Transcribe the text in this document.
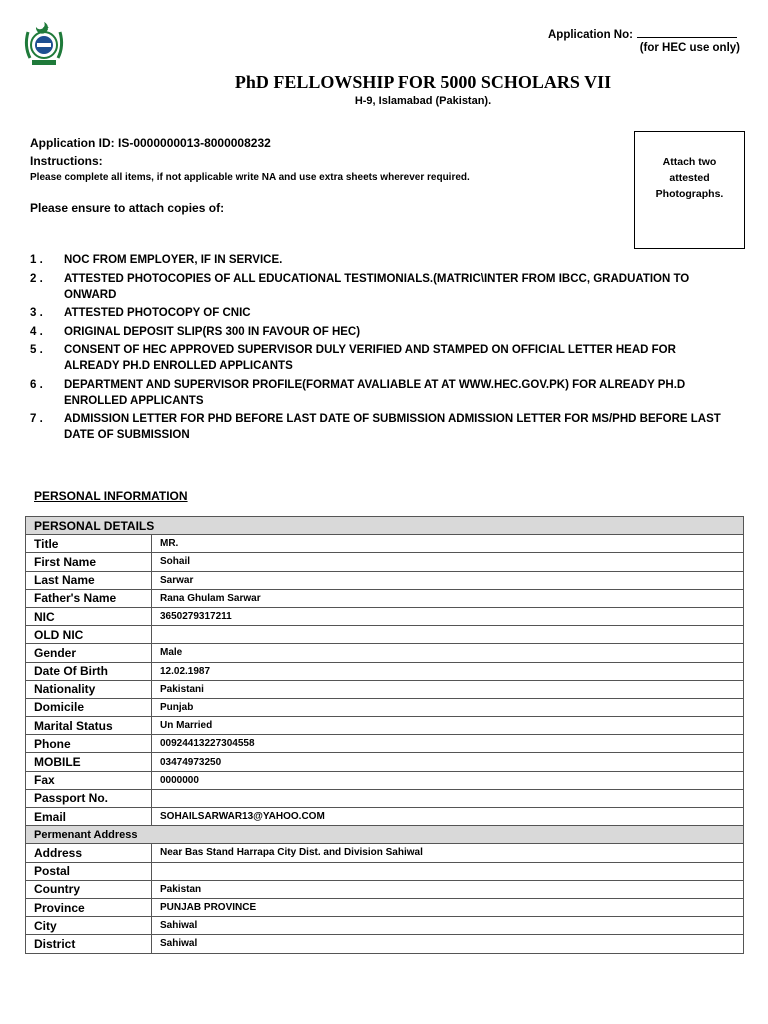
Application No:
(for HEC use only)
PhD FELLOWSHIP FOR 5000 SCHOLARS VII
H-9, Islamabad (Pakistan).
Application ID: IS-0000000013-8000008232
Instructions:
Please complete all items, if not applicable write NA and use extra sheets wherever required.
Please ensure to attach copies of:
Attach two
attested
Photographs.
1 .	NOC FROM EMPLOYER, IF IN SERVICE.
2 .	ATTESTED PHOTOCOPIES OF ALL EDUCATIONAL TESTIMONIALS.(MATRIC\INTER FROM IBCC, GRADUATION TO ONWARD
3 .	ATTESTED PHOTOCOPY OF CNIC
4 .	ORIGINAL DEPOSIT SLIP(RS 300 IN FAVOUR OF HEC)
5 .	CONSENT OF HEC APPROVED SUPERVISOR DULY VERIFIED AND STAMPED ON OFFICIAL LETTER HEAD FOR ALREADY PH.D ENROLLED APPLICANTS
6 .	DEPARTMENT AND SUPERVISOR PROFILE(FORMAT AVALIABLE AT AT WWW.HEC.GOV.PK) FOR ALREADY PH.D ENROLLED APPLICANTS
7 .	ADMISSION LETTER FOR PHD BEFORE LAST DATE OF SUBMISSION ADMISSION LETTER FOR MS/PHD BEFORE LAST DATE OF SUBMISSION
PERSONAL INFORMATION
PERSONAL DETAILS	
Title	MR.
First Name	Sohail
Last Name	Sarwar
Father's Name	Rana Ghulam Sarwar
NIC	3650279317211
OLD NIC	
Gender	Male
Date Of Birth	12.02.1987
Nationality	Pakistani
Domicile	Punjab
Marital Status	Un Married
Phone	00924413227304558
MOBILE	03474973250
Fax	0000000
Passport No.	
Email	SOHAILSARWAR13@YAHOO.COM
Permenant Address	
Address	Near Bas Stand Harrapa City Dist. and Division Sahiwal
Postal	
Country	Pakistan
Province	PUNJAB PROVINCE
City	Sahiwal
District	Sahiwal
